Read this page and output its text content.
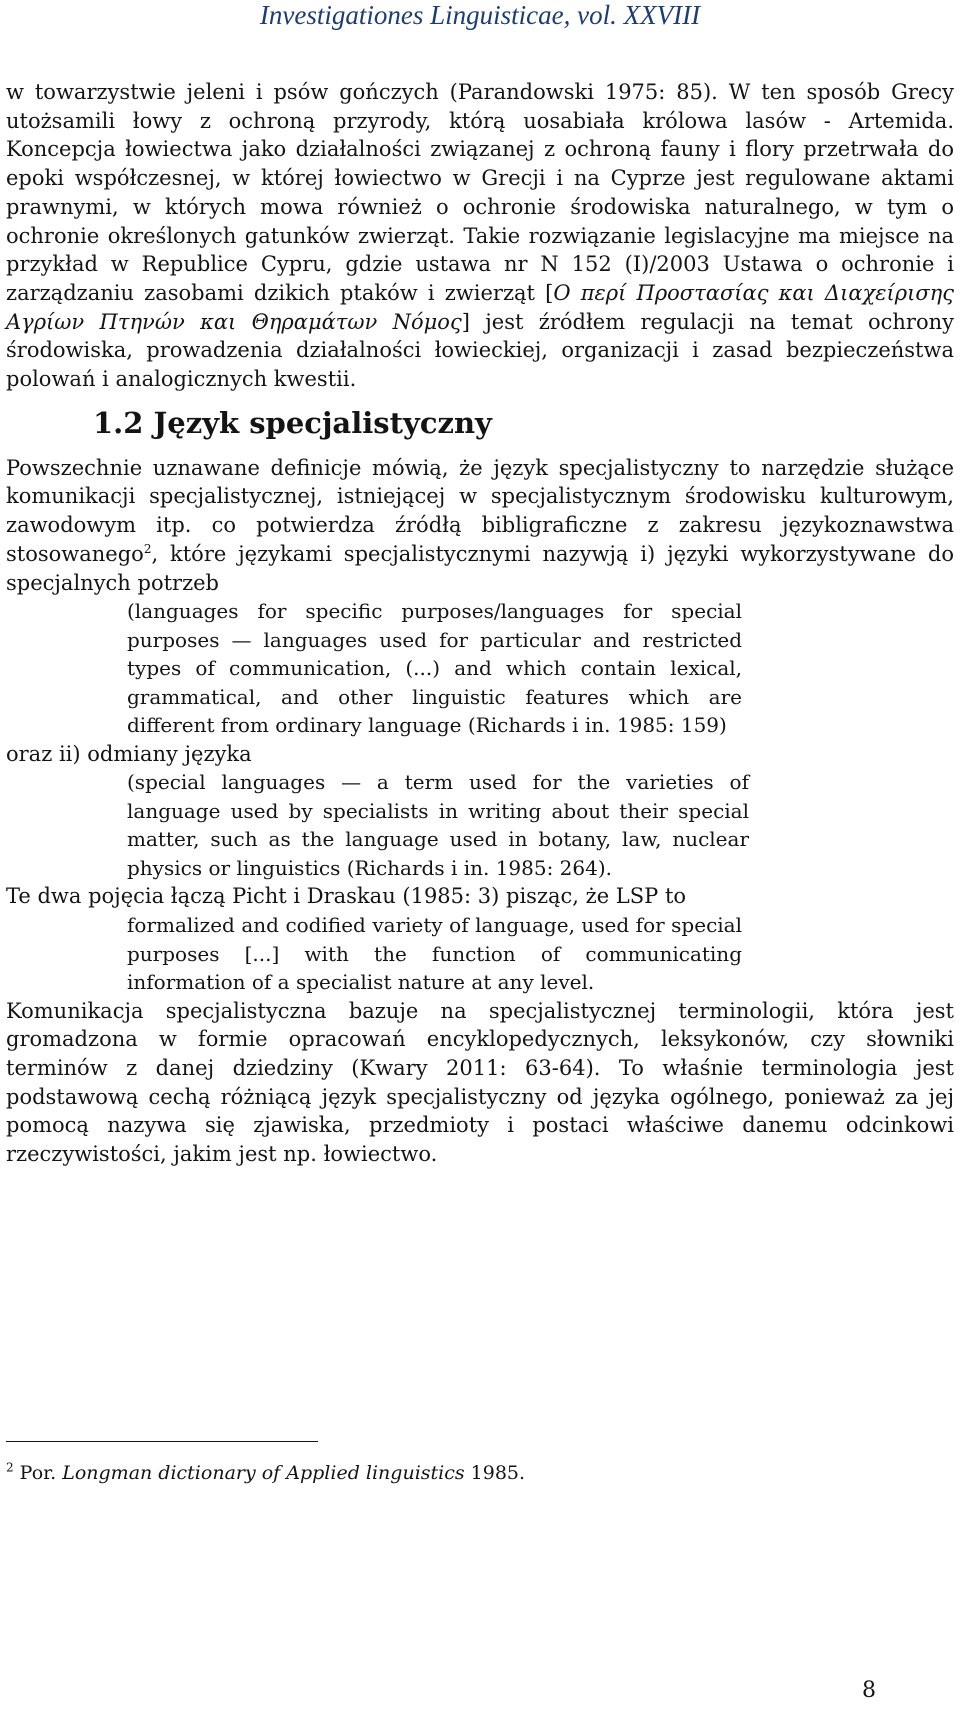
Investigationes Linguisticae, vol. XXVIII

w towarzystwie jeleni i psów gończych (Parandowski 1975: 85). W ten sposób Grecy utożsamili łowy z ochroną przyrody, którą uosabiała królowa lasów - Artemida. Koncepcja łowiectwa jako działalności związanej z ochroną fauny i flory przetrwała do epoki współczesnej, w której łowiectwo w Grecji i na Cyprze jest regulowane aktami prawnymi, w których mowa również o ochronie środowiska naturalnego, w tym o ochronie określonych gatunków zwierząt. Takie rozwiązanie legislacyjne ma miejsce na przykład w Republice Cypru, gdzie ustawa nr N 152 (I)/2003 Ustawa o ochronie i zarządzaniu zasobami dzikich ptaków i zwierząt [Ο περί Προστασίας και Διαχείρισης Αγρίων Πτηνών και Θηραμάτων Νόμος] jest źródłem regulacji na temat ochrony środowiska, prowadzenia działalności łowieckiej, organizacji i zasad bezpieczeństwa polowań i analogicznych kwestii.

1.2 Język specjalistyczny

Powszechnie uznawane definicje mówią, że język specjalistyczny to narzędzie służące komunikacji specjalistycznej, istniejącej w specjalistycznym środowisku kulturowym, zawodowym itp. co potwierdza źródłą bibligraficzne z zakresu językoznawstwa stosowanego$^2$, które językami specjalistycznymi nazywją i) języki wykorzystywane do specjalnych potrzeb

(languages for specific purposes/languages for special purposes — languages used for particular and restricted types of communication, (...) and which contain lexical, grammatical, and other linguistic features which are different from ordinary language (Richards i in. 1985: 159)

oraz ii) odmiany języka

(special languages — a term used for the varieties of language used by specialists in writing about their special matter, such as the language used in botany, law, nuclear physics or linguistics (Richards i in. 1985: 264).

Te dwa pojęcia łączą Picht i Draskau (1985: 3) pisząc, że LSP to

formalized and codified variety of language, used for special purposes [...] with the function of communicating information of a specialist nature at any level.

Komunikacja specjalistyczna bazuje na specjalistycznej terminologii, która jest gromadzona w formie opracowań encyklopedycznych, leksykonów, czy słowniki terminów z danej dziedziny (Kwary 2011: 63-64). To właśnie terminologia jest podstawową cechą różniącą język specjalistyczny od języka ogólnego, ponieważ za jej pomocą nazywa się zjawiska, przedmioty i postaci właściwe danemu odcinkowi rzeczywistości, jakim jest np. łowiectwo.

$^2$ Por. Longman dictionary of Applied linguistics 1985.
8
